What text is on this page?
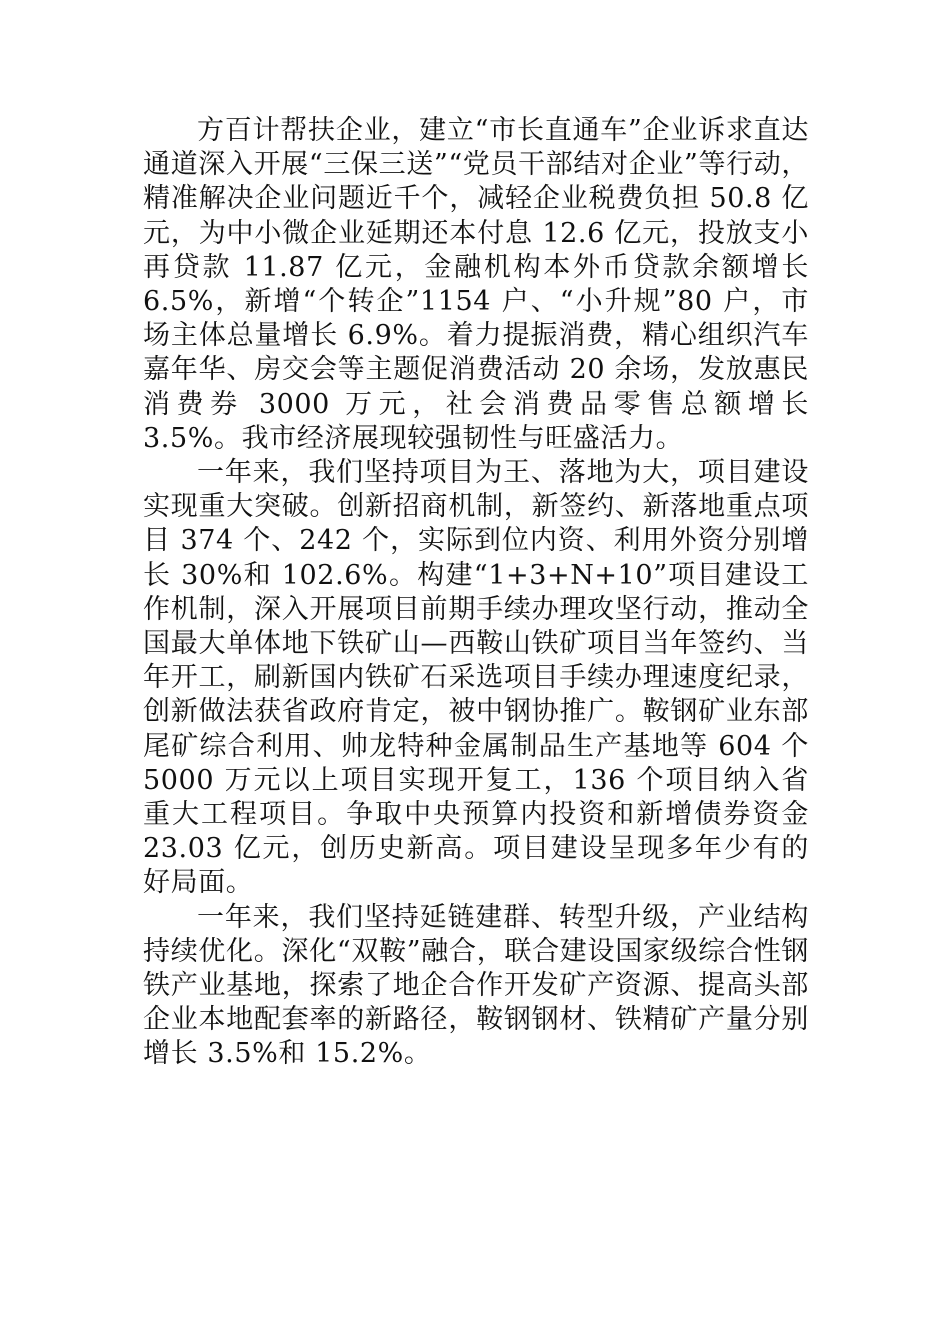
方百计帮扶企业，建立“市长直通车”企业诉求直达通道深入开展“三保三送”“党员干部结对企业”等行动，精准解决企业问题近千个，减轻企业税费负担 50.8 亿元，为中小微企业延期还本付息 12.6 亿元，投放支小再贷款 11.87 亿元，金融机构本外币贷款余额增长 6.5%，新增“个转企”1154 户、“小升规”80 户，市场主体总量增长 6.9%。着力提振消费，精心组织汽车嘉年华、房交会等主题促消费活动 20 余场，发放惠民消费券 3000 万元，社会消费品零售总额增长 3.5%。我市经济展现较强韧性与旺盛活力。

一年来，我们坚持项目为王、落地为大，项目建设实现重大突破。创新招商机制，新签约、新落地重点项目 374 个、242 个，实际到位内资、利用外资分别增长 30%和 102.6%。构建“1+3+N+10”项目建设工作机制，深入开展项目前期手续办理攻坚行动，推动全国最大单体地下铁矿山—西鞍山铁矿项目当年签约、当年开工，刷新国内铁矿石采选项目手续办理速度纪录，创新做法获省政府肯定，被中钢协推广。鞍钢矿业东部尾矿综合利用、帅龙特种金属制品生产基地等 604 个 5000 万元以上项目实现开复工，136 个项目纳入省重大工程项目。争取中央预算内投资和新增债券资金 23.03 亿元，创历史新高。项目建设呈现多年少有的好局面。

一年来，我们坚持延链建群、转型升级，产业结构持续优化。深化“双鞍”融合，联合建设国家级综合性钢铁产业基地，探索了地企合作开发矿产资源、提高头部企业本地配套率的新路径，鞍钢钢材、铁精矿产量分别增长 3.5%和 15.2%。
